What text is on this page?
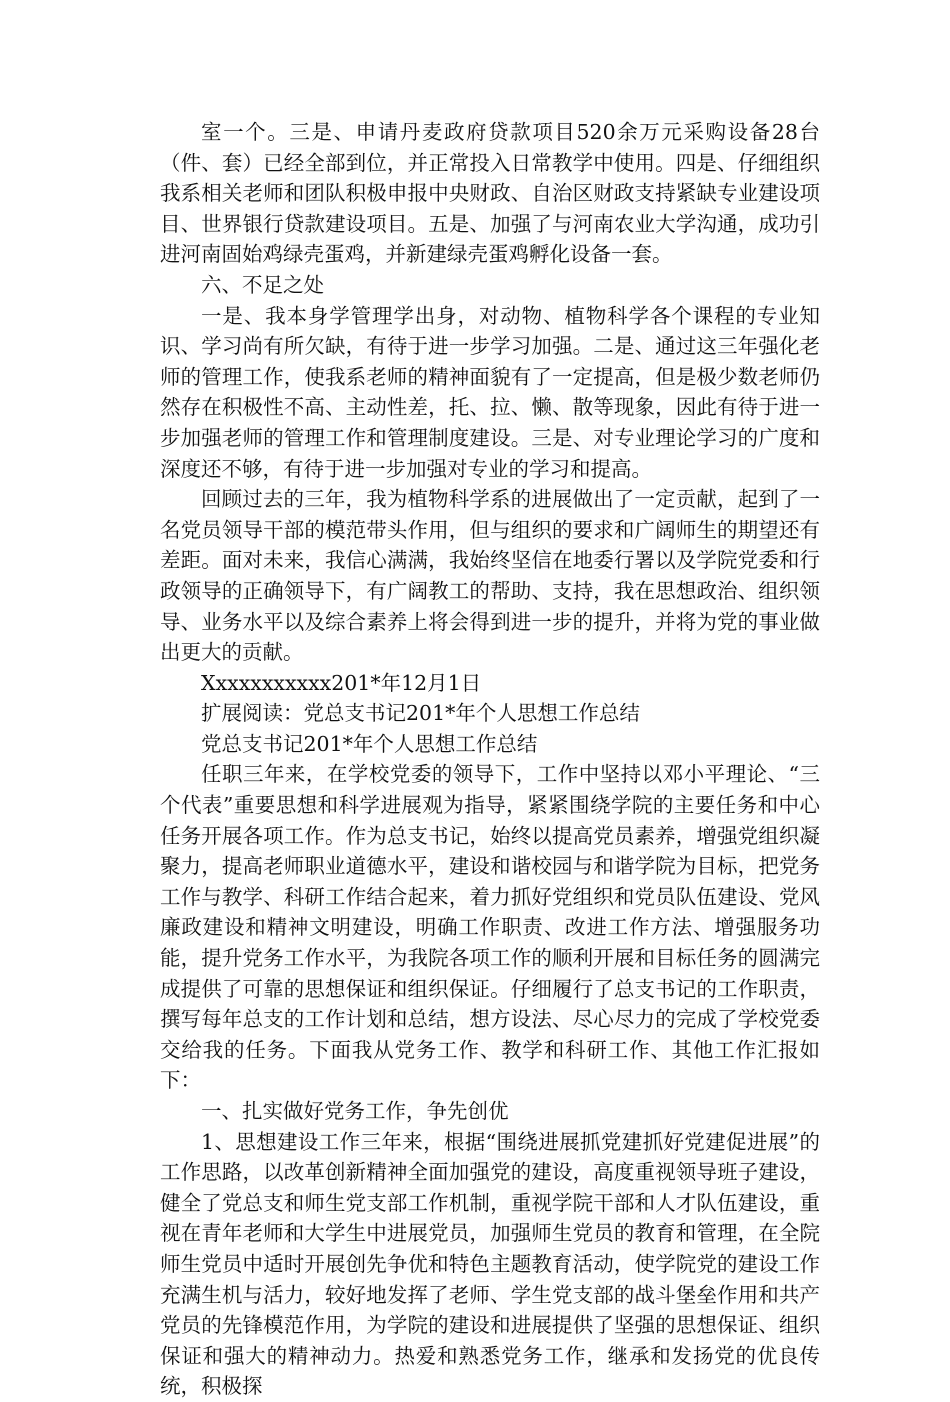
室一个。三是、申请丹麦政府贷款项目520余万元采购设备28台（件、套）已经全部到位，并正常投入日常教学中使用。四是、仔细组织我系相关老师和团队积极申报中央财政、自治区财政支持紧缺专业建设项目、世界银行贷款建设项目。五是、加强了与河南农业大学沟通，成功引进河南固始鸡绿壳蛋鸡，并新建绿壳蛋鸡孵化设备一套。

六、不足之处

一是、我本身学管理学出身，对动物、植物科学各个课程的专业知识、学习尚有所欠缺，有待于进一步学习加强。二是、通过这三年强化老师的管理工作，使我系老师的精神面貌有了一定提高，但是极少数老师仍然存在积极性不高、主动性差，托、拉、懒、散等现象，因此有待于进一步加强老师的管理工作和管理制度建设。三是、对专业理论学习的广度和深度还不够，有待于进一步加强对专业的学习和提高。

回顾过去的三年，我为植物科学系的进展做出了一定贡献，起到了一名党员领导干部的模范带头作用，但与组织的要求和广阔师生的期望还有差距。面对未来，我信心满满，我始终坚信在地委行署以及学院党委和行政领导的正确领导下，有广阔教工的帮助、支持，我在思想政治、组织领导、业务水平以及综合素养上将会得到进一步的提升，并将为党的事业做出更大的贡献。

Xxxxxxxxxxx201*年12月1日

扩展阅读：党总支书记201*年个人思想工作总结

党总支书记201*年个人思想工作总结

任职三年来，在学校党委的领导下，工作中坚持以邓小平理论、“三个代表”重要思想和科学进展观为指导，紧紧围绕学院的主要任务和中心任务开展各项工作。作为总支书记，始终以提高党员素养，增强党组织凝聚力，提高老师职业道德水平，建设和谐校园与和谐学院为目标，把党务工作与教学、科研工作结合起来，着力抓好党组织和党员队伍建设、党风廉政建设和精神文明建设，明确工作职责、改进工作方法、增强服务功能，提升党务工作水平，为我院各项工作的顺利开展和目标任务的圆满完成提供了可靠的思想保证和组织保证。仔细履行了总支书记的工作职责，撰写每年总支的工作计划和总结，想方设法、尽心尽力的完成了学校党委交给我的任务。下面我从党务工作、教学和科研工作、其他工作汇报如下：

一、扎实做好党务工作，争先创优

1、思想建设工作三年来，根据“围绕进展抓党建抓好党建促进展”的工作思路，以改革创新精神全面加强党的建设，高度重视领导班子建设，健全了党总支和师生党支部工作机制，重视学院干部和人才队伍建设，重视在青年老师和大学生中进展党员，加强师生党员的教育和管理，在全院师生党员中适时开展创先争优和特色主题教育活动，使学院党的建设工作充满生机与活力，较好地发挥了老师、学生党支部的战斗堡垒作用和共产党员的先锋模范作用，为学院的建设和进展提供了坚强的思想保证、组织保证和强大的精神动力。热爱和熟悉党务工作，继承和发扬党的优良传统，积极探
